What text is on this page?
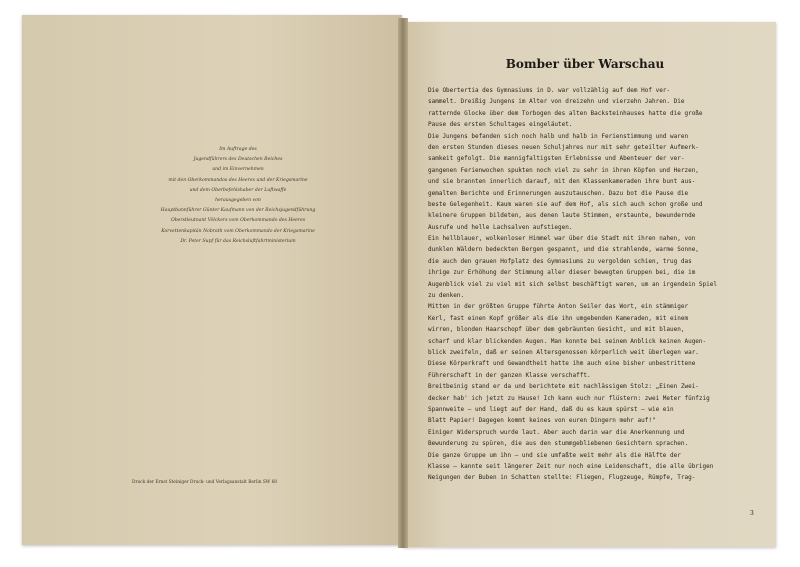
Im Auftrage des
Jugendführers des Deutschen Reiches
und im Einvernehmen
mit den Oberkommandos des Heeres und der Kriegsmarine
und dem Oberbefehlshaber der Luftwaffe
herausgegeben von
Hauptbannführer Günter Kaufmann von der Reichsjugendführung
Oberstleutnant Völckers vom Oberkommando des Heeres
Korvettenkapitän Nobrath vom Oberkommando der Kriegsmarine
Dr. Peter Supf für das Reichsluftfahrtministerium
Druck der Ernst Steiniger Druck- und Verlagsanstalt Berlin SW 68
Bomber über Warschau
Die Obertertia des Gymnasiums in D. war vollzählig auf dem Hof ver-
sammelt. Dreißig Jungens im Alter von dreizehn und vierzehn Jahren. Die
ratternde Glocke über dem Torbogen des alten Backsteinhauses hatte die große
Pause des ersten Schultages eingeläutet.
Die Jungens befanden sich noch halb und halb in Ferienstimmung und waren
den ersten Stunden dieses neuen Schuljahres nur mit sehr geteilter Aufmerk-
samkeit gefolgt. Die mannigfaltigsten Erlebnisse und Abenteuer der ver-
gangenen Ferienwochen spukten noch viel zu sehr in ihren Köpfen und Herzen,
und sie brannten innerlich darauf, mit den Klassenkameraden ihre bunt aus-
gemalten Berichte und Erinnerungen auszutauschen. Dazu bot die Pause die
beste Gelegenheit. Kaum waren sie auf dem Hof, als sich auch schon große und
kleinere Gruppen bildeten, aus denen laute Stimmen, erstaunte, bewundernde
Ausrufe und helle Lachsalven aufstiegen.
Ein hellblauer, wolkenloser Himmel war über die Stadt mit ihren nahen, von
dunklen Wäldern bedeckten Bergen gespannt, und die strahlende, warme Sonne,
die auch den grauen Hofplatz des Gymnasiums zu vergolden schien, trug das
ihrige zur Erhöhung der Stimmung aller dieser bewegten Gruppen bei, die im
Augenblick viel zu viel mit sich selbst beschäftigt waren, um an irgendein Spiel
zu denken.
Mitten in der größten Gruppe führte Anton Seiler das Wort, ein stämmiger
Kerl, fast einen Kopf größer als die ihn umgebenden Kameraden, mit einem
wirren, blonden Haarschopf über dem gebräunten Gesicht, und mit blauen,
scharf und klar blickenden Augen. Man konnte bei seinem Anblick keinen Augen-
blick zweifeln, daß er seinen Altersgenossen körperlich weit überlegen war.
Diese Körperkraft und Gewandtheit hatte ihm auch eine bisher unbestrittene
Führerschaft in der ganzen Klasse verschafft.
Breitbeinig stand er da und berichtete mit nachlässigem Stolz: „Einen Zwei-
decker hab' ich jetzt zu Hause! Ich kann euch nur flüstern: zwei Meter fünfzig
Spannweite — und liegt auf der Hand, daß du es kaum spürst — wie ein
Blatt Papier! Dagegen kommt keines von euren Dingern mehr auf!"
Einiger Widerspruch wurde laut. Aber auch darin war die Anerkennung und
Bewunderung zu spüren, die aus den stummgebliebenen Gesichtern sprachen.
Die ganze Gruppe um ihn — und sie umfaßte weit mehr als die Hälfte der
Klasse — kannte seit längerer Zeit nur noch eine Leidenschaft, die alle übrigen
Neigungen der Buben in Schatten stellte: Fliegen, Flugzeuge, Rümpfe, Trag-
3
